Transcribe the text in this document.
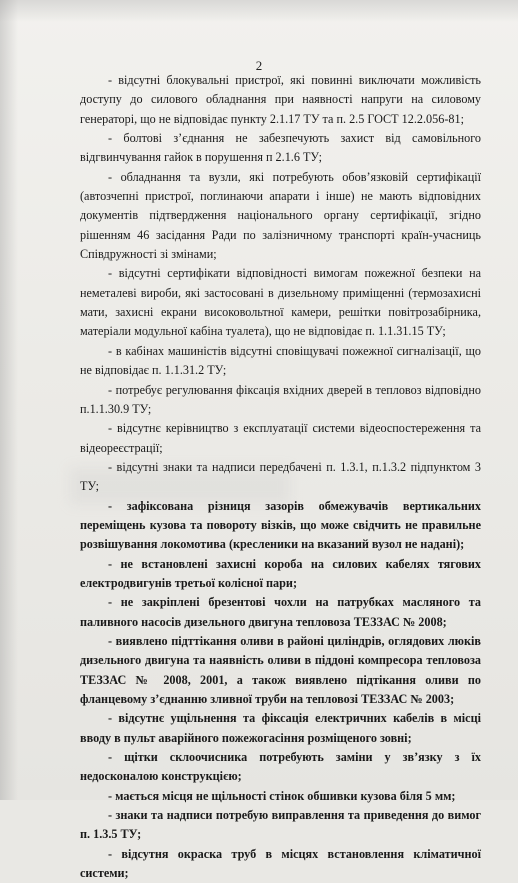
2

- відсутні блокувальні пристрої, які повинні виключати можливість доступу до силового обладнання при наявності напруги на силовому генераторі, що не відповідає пункту 2.1.17 ТУ та п. 2.5 ГОСТ 12.2.056-81;

- болтові з’єднання не забезпечують захист від самовільного відгвинчування гайок в порушення п 2.1.6 ТУ;

- обладнання та вузли, які потребують обов’язковій сертифікації (автозчепні пристрої, поглинаючи апарати і інше) не мають відповідних документів підтвердження національного органу сертифікації, згідно рішенням 46 засідання Ради по залізничному транспорті країн-учасниць Співдружності зі змінами;

- відсутні сертифікати відповідності вимогам пожежної безпеки на неметалеві вироби, які застосовані в дизельному приміщенні (термозахисні мати, захисні екрани високовольтної камери, решітки повітрозабірника, матеріали модульної кабіна туалета), що не відповідає п. 1.1.31.15 ТУ;

- в кабінах машиністів відсутні сповіщувачі пожежної сигналізації, що не відповідає п. 1.1.31.2 ТУ;

- потребує регулювання фіксація вхідних дверей в тепловоз відповідно п.1.1.30.9 ТУ;

- відсутнє керівництво з експлуатації системи відеоспостереження та відеореєстрації;

- відсутні знаки та надписи передбачені п. 1.3.1, п.1.3.2 підпунктом 3 ТУ;

- зафіксована різниця зазорів обмежувачів вертикальних переміщень кузова та повороту візків, що може свідчить не правильне розвішування локомотива (кресленики на вказаний вузол не надані);

- не встановлені захисні короба на силових кабелях тягових електродвигунів третьої колісної пари;

- не закріплені брезентові чохли на патрубках масляного та паливного насосів дизельного двигуна тепловоза ТЕЗЗАС № 2008;

- виявлено підттікання оливи в районі циліндрів, оглядових люків дизельного двигуна та наявність оливи в піддоні компресора тепловоза ТЕЗЗАС № 2008, 2001, а також виявлено підтікання оливи по фланцевому з’єднанню зливної труби на тепловозі ТЕЗЗАС № 2003;

- відсутнє ущільнення та фіксація електричних кабелів в місці вводу в пульт аварійного пожежогасіння розміщеного зовні;

- щітки склоочисника потребують заміни у зв’язку з їх недосконалою конструкцією;

- мається місця не щільності стінок обшивки кузова біля 5 мм;

- знаки та надписи потребую виправлення та приведення до вимог п. 1.3.5 ТУ;

- відсутня окраска труб в місцях встановлення кліматичної системи;
